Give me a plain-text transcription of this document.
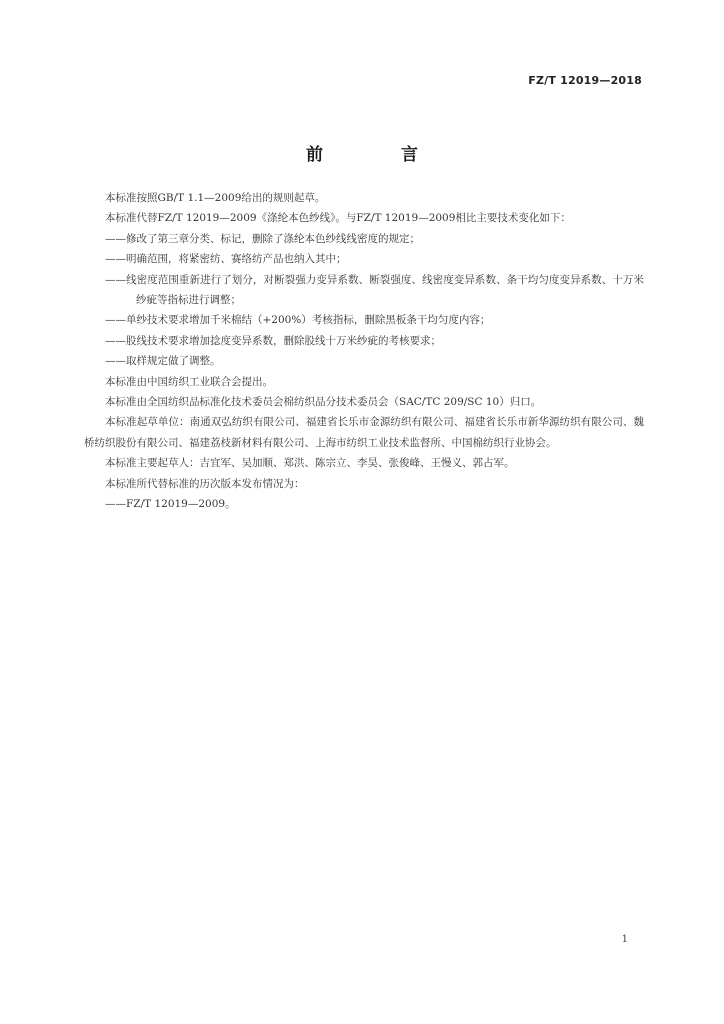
FZ/T 12019—2018
前 言

本标准按照GB/T 1.1—2009给出的规则起草。

本标准代替FZ/T 12019—2009《涤纶本色纱线》。与FZ/T 12019—2009相比主要技术变化如下：

——修改了第三章分类、标记，删除了涤纶本色纱线线密度的规定；

——明确范围，将紧密纺、赛络纺产品也纳入其中；

——线密度范围重新进行了划分，对断裂强力变异系数、断裂强度、线密度变异系数、条干均匀度变异系数、十万米纱疵等指标进行调整；

——单纱技术要求增加千米棉结（+200%）考核指标，删除黑板条干均匀度内容；

——股线技术要求增加捻度变异系数，删除股线十万米纱疵的考核要求；

——取样规定做了调整。

本标准由中国纺织工业联合会提出。

本标准由全国纺织品标准化技术委员会棉纺织品分技术委员会（SAC/TC 209/SC 10）归口。

本标准起草单位：南通双弘纺织有限公司、福建省长乐市金源纺织有限公司、福建省长乐市新华源纺织有限公司、魏桥纺织股份有限公司、福建荔枝新材料有限公司、上海市纺织工业技术监督所、中国棉纺织行业协会。

本标准主要起草人：吉宜军、吴加顺、郑洪、陈宗立、李昊、张俊峰、王慢义、郭占军。

本标准所代替标准的历次版本发布情况为：

——FZ/T 12019—2009。

1
